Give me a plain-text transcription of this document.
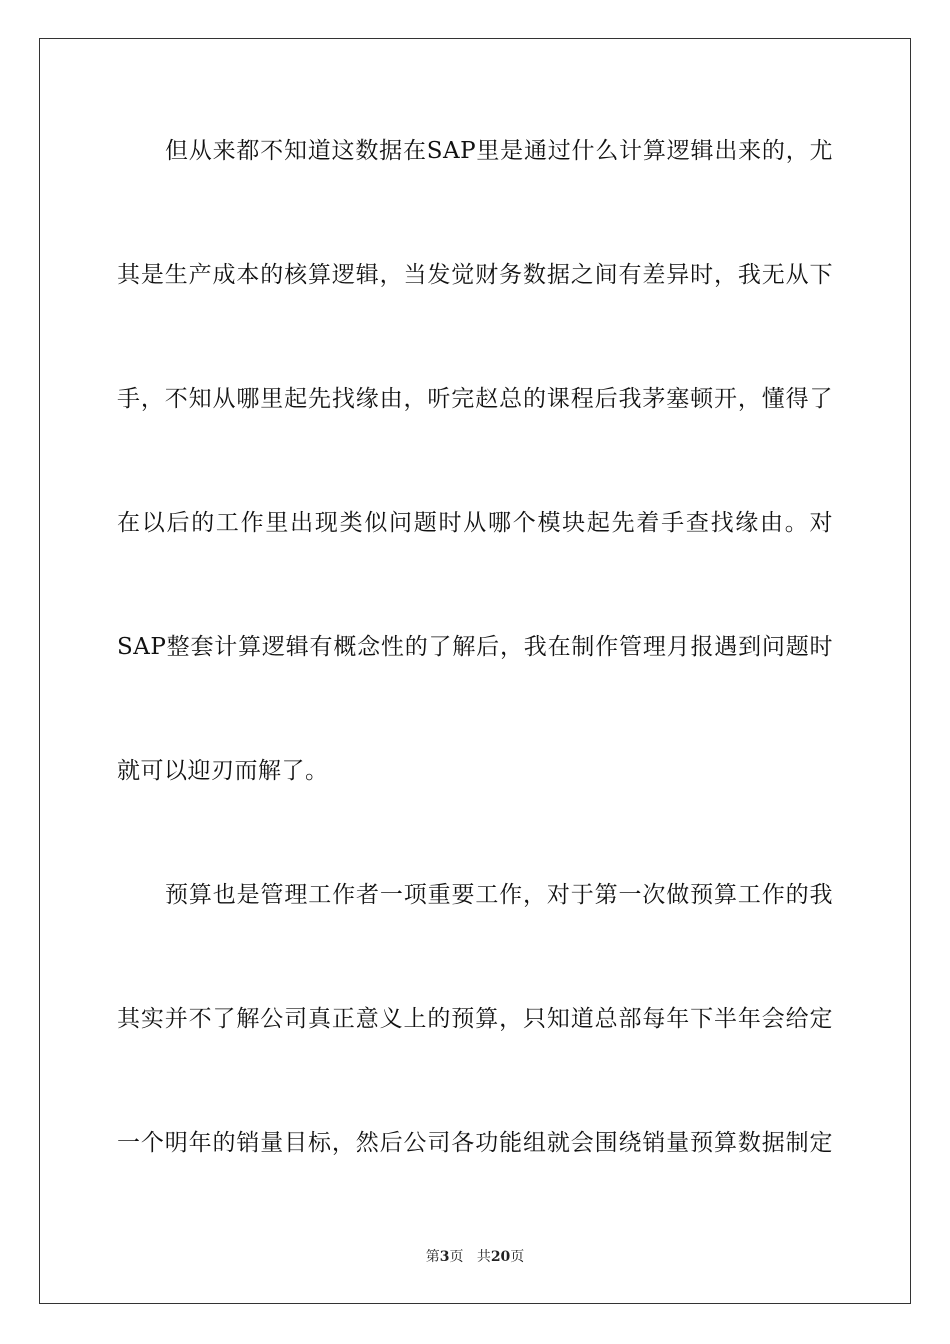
但从来都不知道这数据在SAP里是通过什么计算逻辑出来的，尤
其是生产成本的核算逻辑，当发觉财务数据之间有差异时，我无从下
手，不知从哪里起先找缘由，听完赵总的课程后我茅塞顿开，懂得了
在以后的工作里出现类似问题时从哪个模块起先着手查找缘由。对
SAP整套计算逻辑有概念性的了解后，我在制作管理月报遇到问题时
就可以迎刃而解了。
预算也是管理工作者一项重要工作，对于第一次做预算工作的我
其实并不了解公司真正意义上的预算，只知道总部每年下半年会给定
一个明年的销量目标，然后公司各功能组就会围绕销量预算数据制定
第3页 共20页
